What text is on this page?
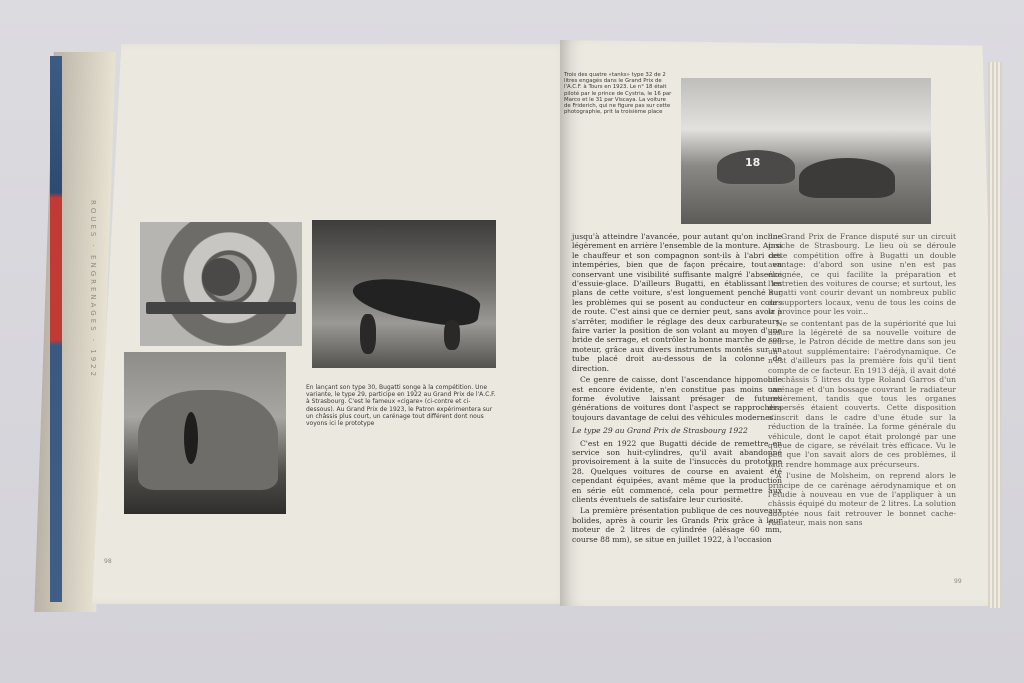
En lançant son type 30, Bugatti songe à la compétition. Une variante, le type 29, participe en 1922 au Grand Prix de l'A.C.F. à Strasbourg. C'est le fameux «cigare» (ci-contre et ci-dessous). Au Grand Prix de 1923, le Patron expérimentera sur un châssis plus court, un carénage tout différent dont nous voyons ici le prototype
98
Trois des quatre «tanks» type 32 de 2 litres engagés dans le Grand Prix de l'A.C.F. à Tours en 1923. Le n° 18 était piloté par le prince de Cystria, le 16 par Marco et le 31 par Viscaya. La voiture de Friderich, qui ne figure pas sur cette photographie, prit la troisième place
18

jusqu'à atteindre l'avancée, pour autant qu'on incline légèrement en arrière l'ensemble de la monture. Ainsi le chauffeur et son compagnon sont-ils à l'abri des intempéries, bien que de façon précaire, tout en conservant une visibilité suffisante malgré l'absence d'essuie-glace. D'ailleurs Bugatti, en établissant les plans de cette voiture, s'est longuement penché sur les problèmes qui se posent au conducteur en cours de route. C'est ainsi que ce dernier peut, sans avoir à s'arrêter, modifier le réglage des deux carburateurs, faire varier la position de son volant au moyen d'une bride de serrage, et contrôler la bonne marche de son moteur, grâce aux divers instruments montés sur un tube placé droit au-dessous de la colonne de direction.

Ce genre de caisse, dont l'ascendance hippomobile est encore évidente, n'en constitue pas moins une forme évolutive laissant présager de futures générations de voitures dont l'aspect se rapprochera toujours davantage de celui des véhicules modernes.

Le type 29 au Grand Prix de Strasbourg 1922

C'est en 1922 que Bugatti décide de remettre en service son huit-cylindres, qu'il avait abandonné provisoirement à la suite de l'insuccès du prototype 28. Quelques voitures de course en avaient été cependant équipées, avant même que la production en série eût commencé, cela pour permettre aux clients éventuels de satisfaire leur curiosité.

La première présentation publique de ces nouveaux bolides, après à courir les Grands Prix grâce à leur moteur de 2 litres de cylindrée (alésage 60 mm, course 88 mm), se situe en juillet 1922, à l'occasion

du Grand Prix de France disputé sur un circuit proche de Strasbourg. Le lieu où se déroule cette compétition offre à Bugatti un double avantage: d'abord son usine n'en est pas éloignée, ce qui facilite la préparation et l'entretien des voitures de course; et surtout, les Bugatti vont courir devant un nombreux public de supporters locaux, venu de tous les coins de la province pour les voir...

Ne se contentant pas de la supériorité que lui assure la légèreté de sa nouvelle voiture de course, le Patron décide de mettre dans son jeu un atout supplémentaire: l'aérodynamique. Ce n'est d'ailleurs pas la première fois qu'il tient compte de ce facteur. En 1913 déjà, il avait doté un châssis 5 litres du type Roland Garros d'un carénage et d'un bossage couvrant le radiateur entièrement, tandis que tous les organes dispersés étaient couverts. Cette disposition s'inscrit dans le cadre d'une étude sur la réduction de la traînée. La forme générale du véhicule, dont le capot était prolongé par une queue de cigare, se révélait très efficace. Vu le peu que l'on savait alors de ces problèmes, il faut rendre hommage aux précurseurs.

A l'usine de Molsheim, on reprend alors le principe de ce carénage aérodynamique et on l'étudie à nouveau en vue de l'appliquer à un châssis équipé du moteur de 2 litres. La solution adoptée nous fait retrouver le bonnet cache-radiateur, mais non sans

99
ROUES · ENGRENAGES · 1922
